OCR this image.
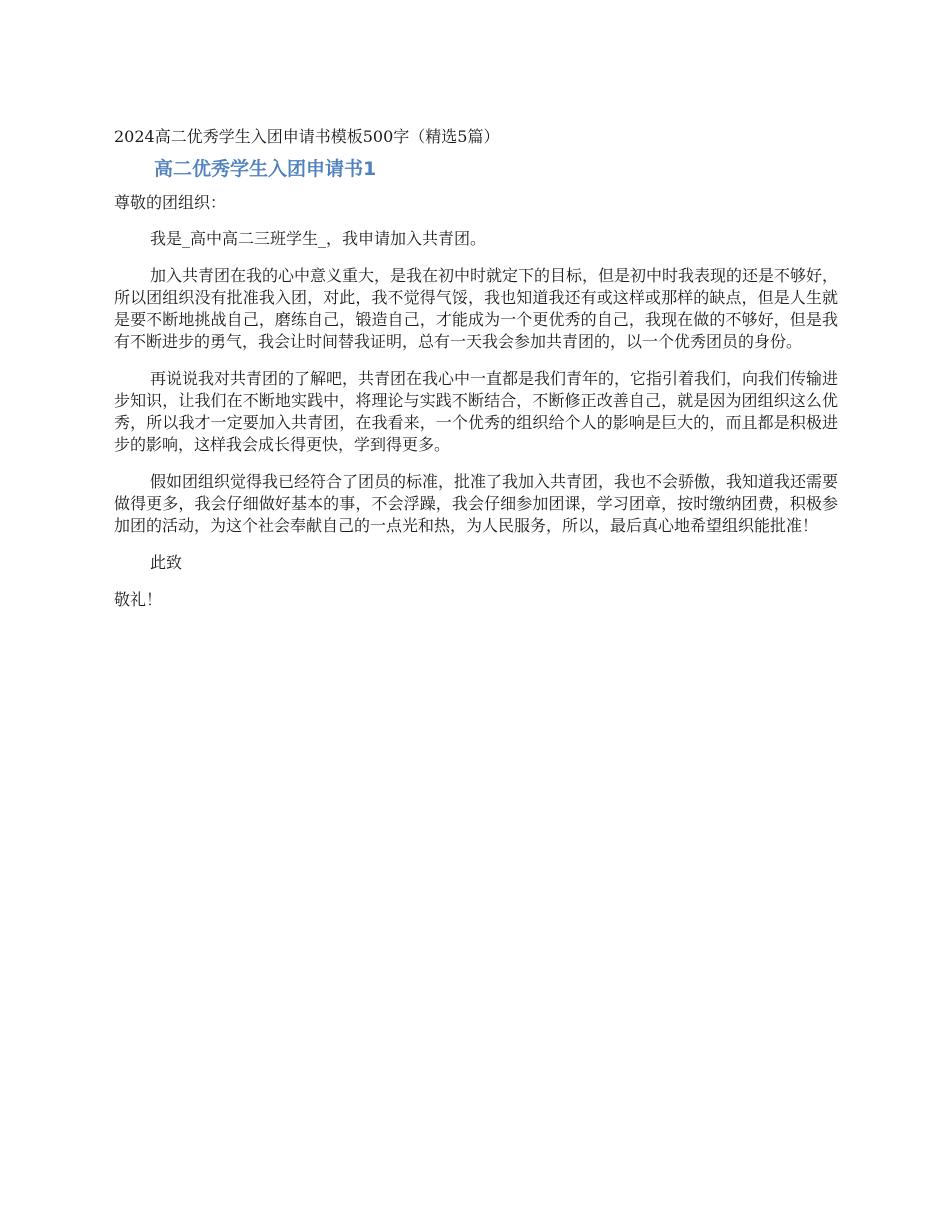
2024高二优秀学生入团申请书模板500字（精选5篇）
高二优秀学生入团申请书1
尊敬的团组织：
我是_高中高二三班学生_，我申请加入共青团。
加入共青团在我的心中意义重大，是我在初中时就定下的目标，但是初中时我表现的还是不够好，所以团组织没有批准我入团，对此，我不觉得气馁，我也知道我还有或这样或那样的缺点，但是人生就是要不断地挑战自己，磨练自己，锻造自己，才能成为一个更优秀的自己，我现在做的不够好，但是我有不断进步的勇气，我会让时间替我证明，总有一天我会参加共青团的，以一个优秀团员的身份。
再说说我对共青团的了解吧，共青团在我心中一直都是我们青年的，它指引着我们，向我们传输进步知识，让我们在不断地实践中，将理论与实践不断结合，不断修正改善自己，就是因为团组织这么优秀，所以我才一定要加入共青团，在我看来，一个优秀的组织给个人的影响是巨大的，而且都是积极进步的影响，这样我会成长得更快，学到得更多。
假如团组织觉得我已经符合了团员的标准，批准了我加入共青团，我也不会骄傲，我知道我还需要做得更多，我会仔细做好基本的事，不会浮躁，我会仔细参加团课，学习团章，按时缴纳团费，积极参加团的活动，为这个社会奉献自己的一点光和热，为人民服务，所以，最后真心地希望组织能批准！
此致
敬礼！
